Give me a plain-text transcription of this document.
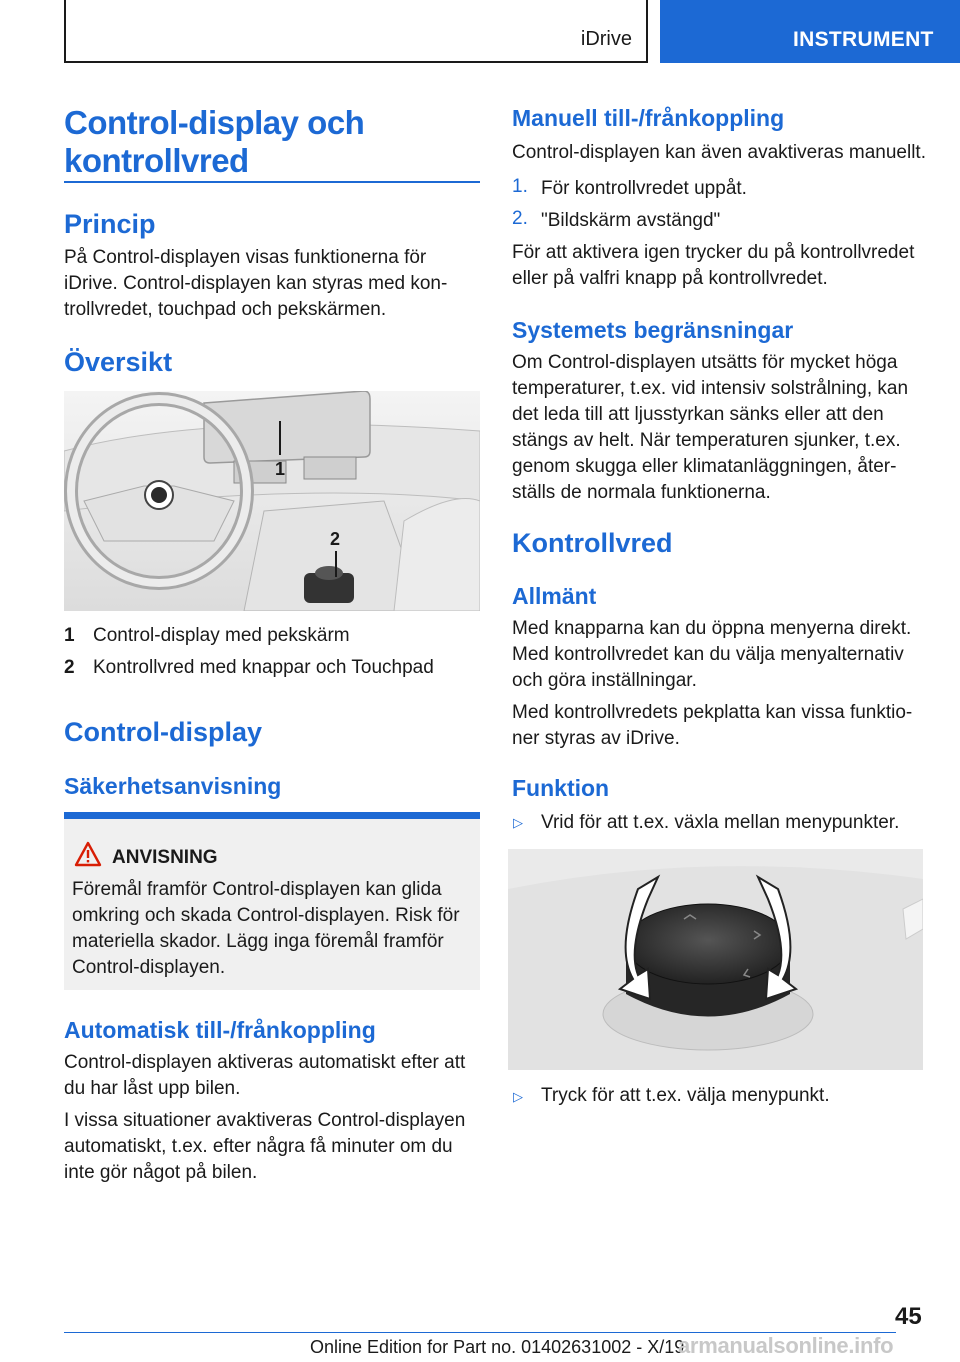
iDrive	INSTRUMENT
Control-display och
kontrollvred
Princip
På Control-displayen visas funktionerna för
iDrive. Control-displayen kan styras med kon-
trollvredet, touchpad och pekskärmen.
Översikt
1
2
1 Control-display med pekskärm
2 Kontrollvred med knappar och Touchpad
Control-display
Säkerhetsanvisning
ANVISNING
Föremål framför Control-displayen kan glida
omkring och skada Control-displayen. Risk för
materiella skador. Lägg inga föremål framför
Control-displayen.
Automatisk till-/frånkoppling
Control-displayen aktiveras automatiskt efter att
du har låst upp bilen.
I vissa situationer avaktiveras Control-displayen
automatiskt, t.ex. efter några få minuter om du
inte gör något på bilen.
Manuell till-/frånkoppling
Control-displayen kan även avaktiveras manuellt.
1. För kontrollvredet uppåt.
2. "Bildskärm avstängd"
För att aktivera igen trycker du på kontrollvredet
eller på valfri knapp på kontrollvredet.
Systemets begränsningar
Om Control-displayen utsätts för mycket höga
temperaturer, t.ex. vid intensiv solstrålning, kan
det leda till att ljusstyrkan sänks eller att den
stängs av helt. När temperaturen sjunker, t.ex.
genom skugga eller klimatanläggningen, åter-
ställs de normala funktionerna.
Kontrollvred
Allmänt
Med knapparna kan du öppna menyerna direkt.
Med kontrollvredet kan du välja menyalternativ
och göra inställningar.
Med kontrollvredets pekplatta kan vissa funktio-
ner styras av iDrive.
Funktion
▷ Vrid för att t.ex. växla mellan menypunkter.
▷ Tryck för att t.ex. välja menypunkt.
45
Online Edition for Part no. 01402631002 - X/19
armanualsonline.info
